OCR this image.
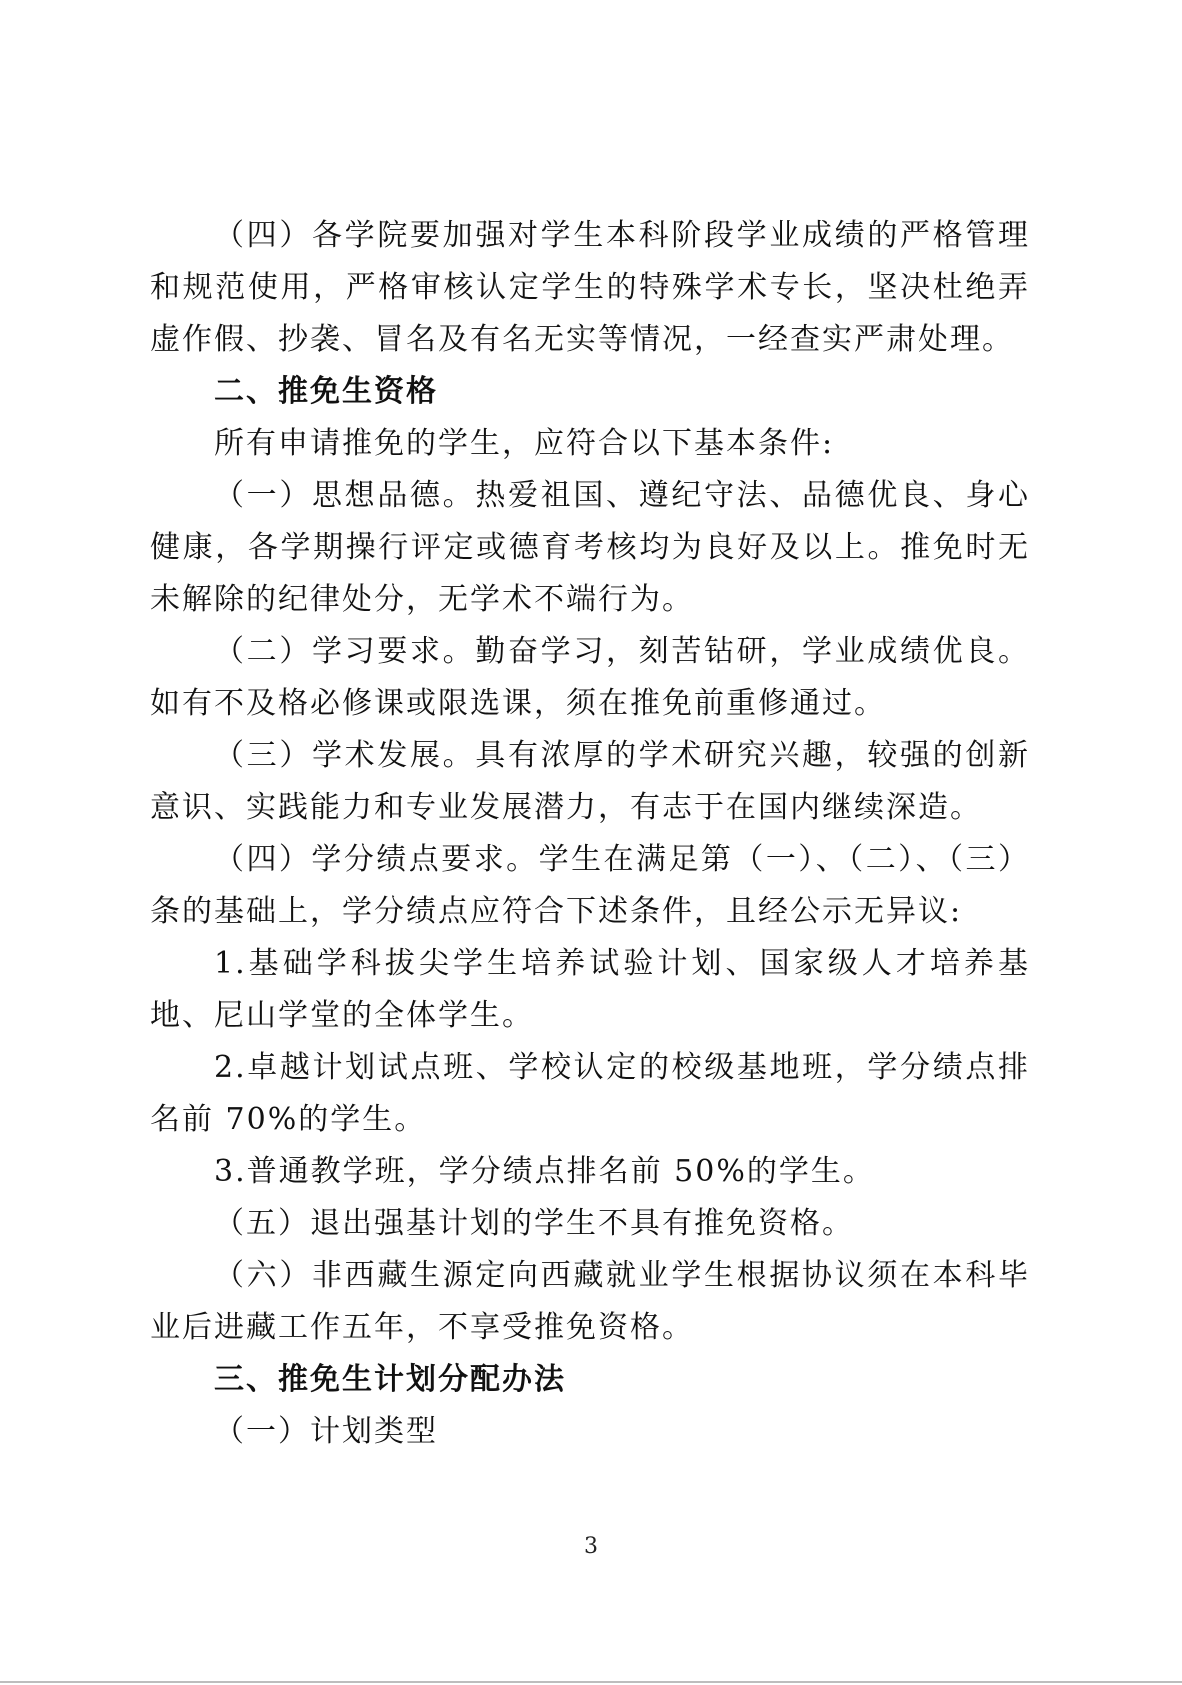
（四）各学院要加强对学生本科阶段学业成绩的严格管理和规范使用，严格审核认定学生的特殊学术专长，坚决杜绝弄虚作假、抄袭、冒名及有名无实等情况，一经查实严肃处理。

二、推免生资格

所有申请推免的学生，应符合以下基本条件:

（一）思想品德。热爱祖国、遵纪守法、品德优良、身心健康，各学期操行评定或德育考核均为良好及以上。推免时无未解除的纪律处分，无学术不端行为。

（二）学习要求。勤奋学习，刻苦钻研，学业成绩优良。如有不及格必修课或限选课，须在推免前重修通过。

（三）学术发展。具有浓厚的学术研究兴趣，较强的创新意识、实践能力和专业发展潜力，有志于在国内继续深造。

（四）学分绩点要求。学生在满足第（一）、（二）、（三）条的基础上，学分绩点应符合下述条件，且经公示无异议:

1.基础学科拔尖学生培养试验计划、国家级人才培养基地、尼山学堂的全体学生。

2.卓越计划试点班、学校认定的校级基地班，学分绩点排名前 70%的学生。

3.普通教学班，学分绩点排名前 50%的学生。

（五）退出强基计划的学生不具有推免资格。

（六）非西藏生源定向西藏就业学生根据协议须在本科毕业后进藏工作五年，不享受推免资格。

三、推免生计划分配办法

（一）计划类型

3
